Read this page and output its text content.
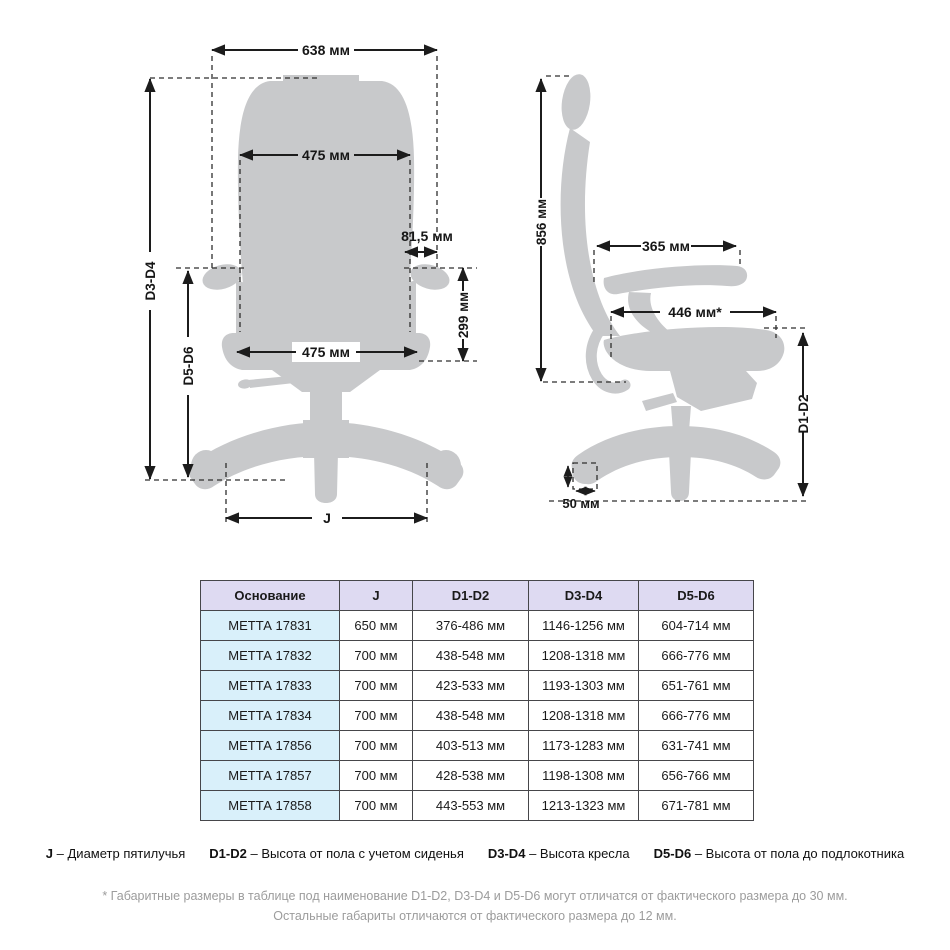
638 мм
475 мм
81,5 мм
299 мм
475 мм
D3-D4
D5-D6
J
856 мм
365 мм
446 мм*
D1-D2
50 мм
Основание	J	D1-D2	D3-D4	D5-D6
МЕТТА 17831	650 мм	376-486 мм	1146-1256 мм	604-714 мм
МЕТТА 17832	700 мм	438-548 мм	1208-1318 мм	666-776 мм
МЕТТА 17833	700 мм	423-533 мм	1193-1303 мм	651-761 мм
МЕТТА 17834	700 мм	438-548 мм	1208-1318 мм	666-776 мм
МЕТТА 17856	700 мм	403-513 мм	1173-1283 мм	631-741 мм
МЕТТА 17857	700 мм	428-538 мм	1198-1308 мм	656-766 мм
МЕТТА 17858	700 мм	443-553 мм	1213-1323 мм	671-781 мм
J – Диаметр пятилучья D1-D2 – Высота от пола с учетом сиденья D3-D4 – Высота кресла D5-D6 – Высота от пола до подлокотника
* Габаритные размеры в таблице под наименование D1-D2, D3-D4 и D5-D6 могут отличатся от фактического размера до 30 мм.
Остальные габариты отличаются от фактического размера до 12 мм.
